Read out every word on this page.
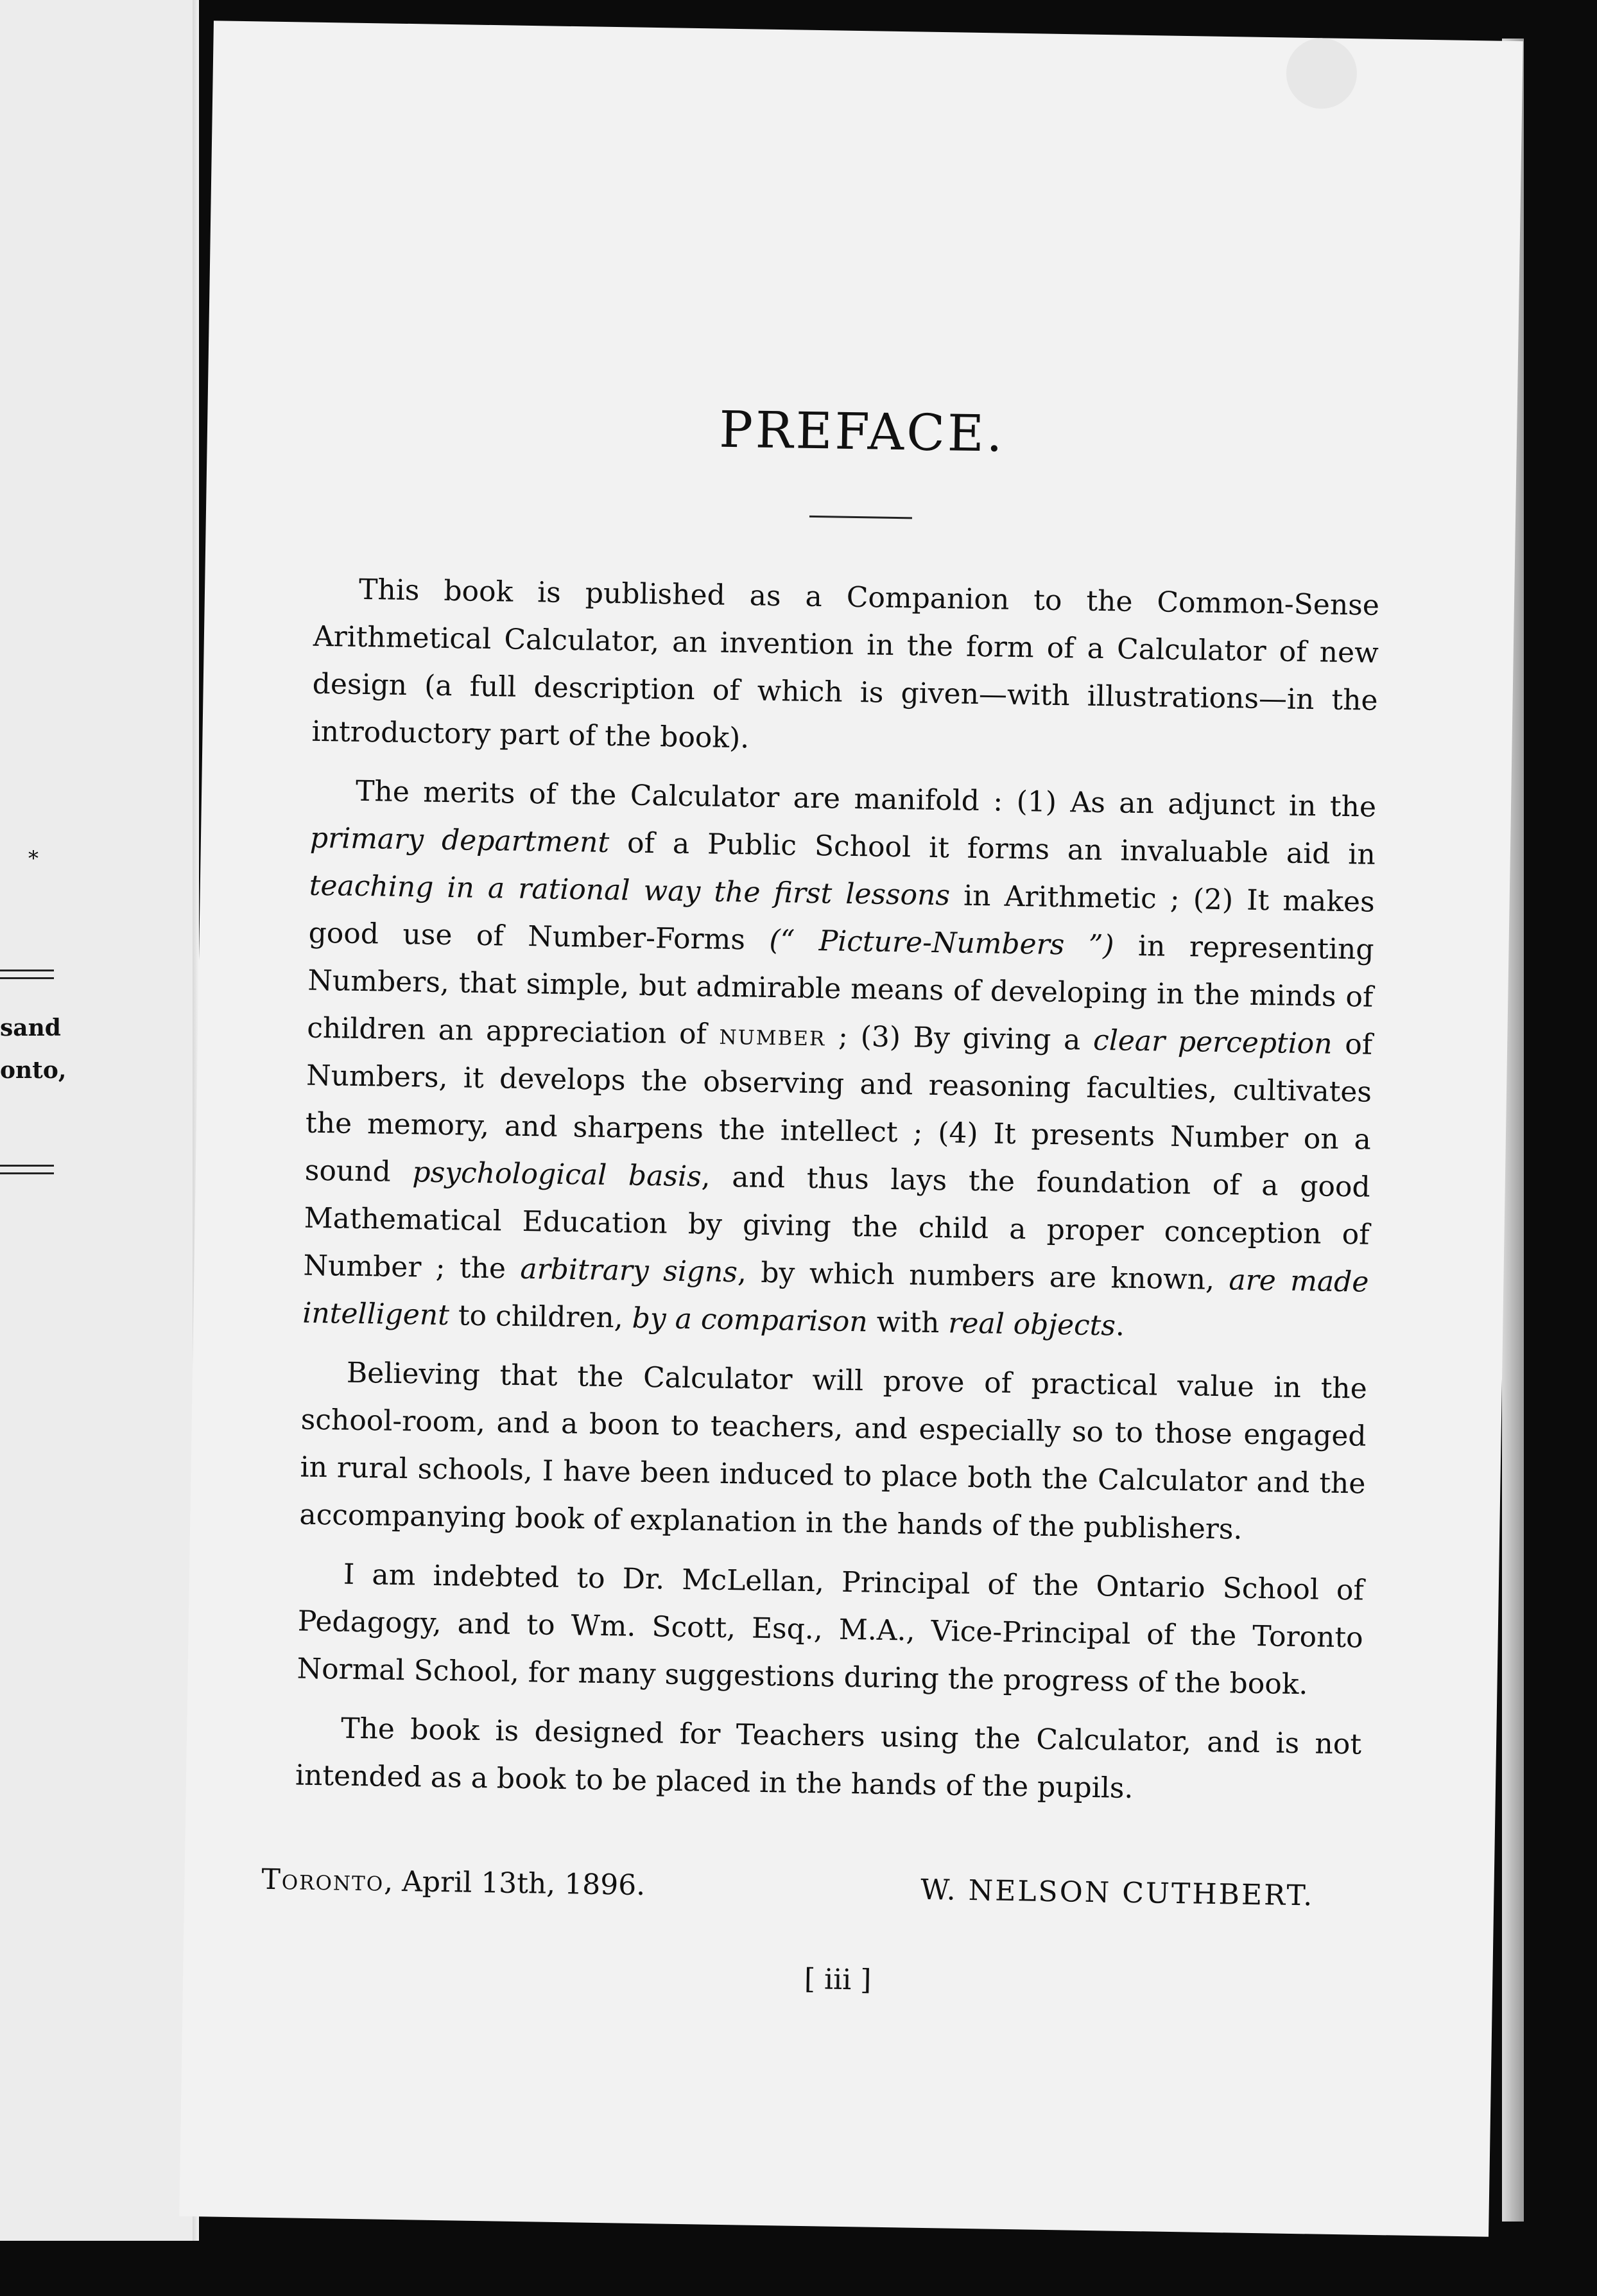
*
sand
onto,
PREFACE.

This book is published as a Companion to the Common-Sense Arithmetical Calculator, an invention in the form of a Calculator of new design (a full description of which is given—with illustrations—in the introductory part of the book).

The merits of the Calculator are manifold : (1) As an adjunct in the primary department of a Public School it forms an invaluable aid in teaching in a rational way the first lessons in Arithmetic ; (2) It makes good use of Number-Forms (“ Picture-Numbers ”) in representing Numbers, that simple, but admirable means of developing in the minds of children an appreciation of number ; (3) By giving a clear perception of Numbers, it develops the observing and reasoning faculties, cultivates the memory, and sharpens the intellect ; (4) It presents Number on a sound psychological basis, and thus lays the foundation of a good Mathematical Education by giving the child a proper conception of Number ; the arbitrary signs, by which numbers are known, are made intelligent to children, by a comparison with real objects.

Believing that the Calculator will prove of practical value in the school-room, and a boon to teachers, and especially so to those engaged in rural schools, I have been induced to place both the Calculator and the accompanying book of explanation in the hands of the publishers.

I am indebted to Dr. McLellan, Principal of the Ontario School of Pedagogy, and to Wm. Scott, Esq., M.A., Vice-Principal of the Toronto Normal School, for many suggestions during the progress of the book.

The book is designed for Teachers using the Calculator, and is not intended as a book to be placed in the hands of the pupils.

Toronto, April 13th, 1896.	W. NELSON CUTHBERT.
[ iii ]
